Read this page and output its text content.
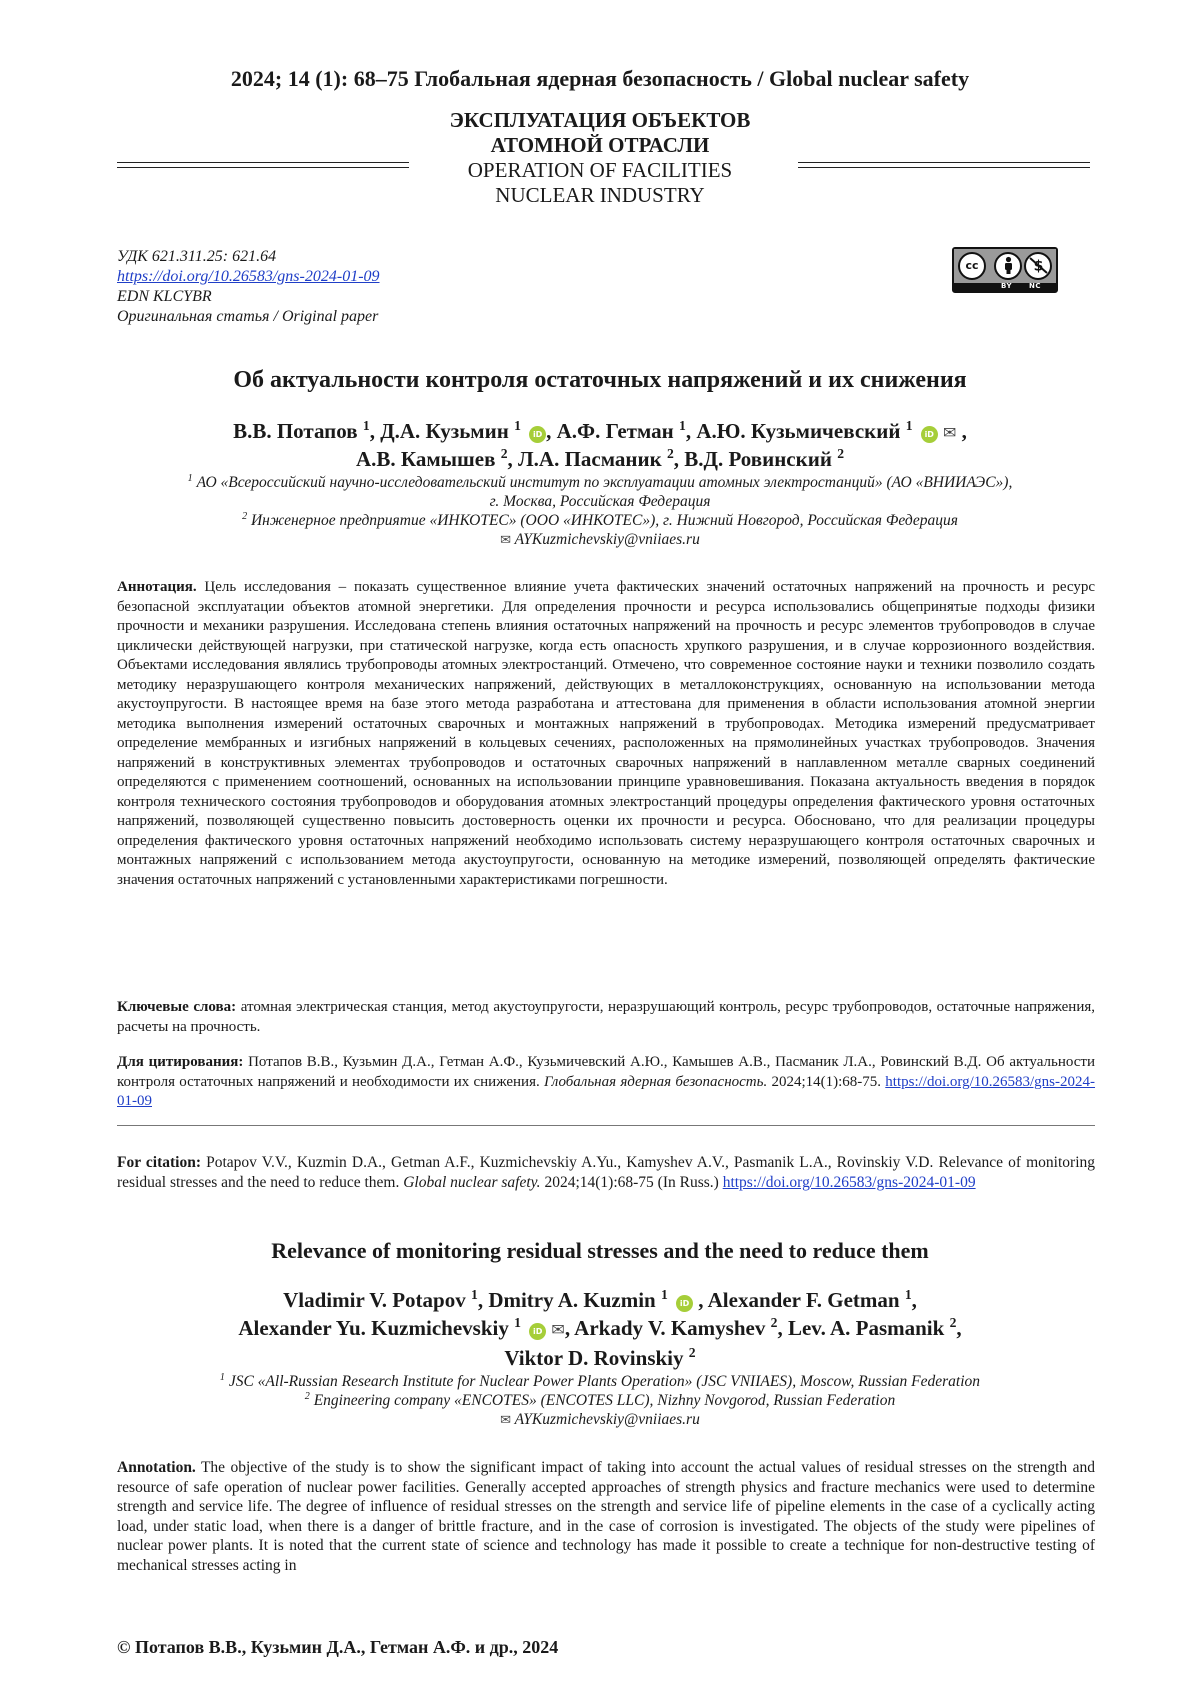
2024; 14 (1): 68–75 Глобальная ядерная безопасность / Global nuclear safety
ЭКСПЛУАТАЦИЯ ОБЪЕКТОВ
АТОМНОЙ ОТРАСЛИ
OPERATION OF FACILITIES
NUCLEAR INDUSTRY
УДК 621.311.25: 621.64
https://doi.org/10.26583/gns-2024-01-09
EDN KLCYBR
Оригинальная статья / Original paper
cc
BY NC
Об актуальности контроля остаточных напряжений и их снижения
В.В. Потапов 1, Д.А. Кузьмин 1 iD , А.Ф. Гетман 1, А.Ю. Кузьмичевский 1 iD ✉ ,
А.В. Камышев 2, Л.А. Пасманик 2, В.Д. Ровинский 2
1 АО «Всероссийский научно-исследовательский институт по эксплуатации атомных электростанций» (АО «ВНИИАЭС»),
г. Москва, Российская Федерация
2 Инженерное предприятие «ИНКОТЕС» (ООО «ИНКОТЕС»), г. Нижний Новгород, Российская Федерация
✉ AYKuzmichevskiy@vniiaes.ru
Аннотация. Цель исследования – показать существенное влияние учета фактических значений остаточных напряжений на прочность и ресурс безопасной эксплуатации объектов атомной энергетики. Для определения прочности и ресурса использовались общепринятые подходы физики прочности и механики разрушения. Исследована степень влияния остаточных напряжений на прочность и ресурс элементов трубопроводов в случае циклически действующей нагрузки, при статической нагрузке, когда есть опасность хрупкого разрушения, и в случае коррозионного воздействия. Объектами исследования являлись трубопроводы атомных электростанций. Отмечено, что современное состояние науки и техники позволило создать методику неразрушающего контроля механических напряжений, действующих в металлоконструкциях, основанную на использовании метода акустоупругости. В настоящее время на базе этого метода разработана и аттестована для применения в области использования атомной энергии методика выполнения измерений остаточных сварочных и монтажных напряжений в трубопроводах. Методика измерений предусматривает определение мембранных и изгибных напряжений в кольцевых сечениях, расположенных на прямолинейных участках трубопроводов. Значения напряжений в конструктивных элементах трубопроводов и остаточных сварочных напряжений в наплавленном металле сварных соединений определяются с применением соотношений, основанных на использовании принципе уравновешивания. Показана актуальность введения в порядок контроля технического состояния трубопроводов и оборудования атомных электростанций процедуры определения фактического уровня остаточных напряжений, позволяющей существенно повысить достоверность оценки их прочности и ресурса. Обосновано, что для реализации процедуры определения фактического уровня остаточных напряжений необходимо использовать систему неразрушающего контроля остаточных сварочных и монтажных напряжений с использованием метода акустоупругости, основанную на методике измерений, позволяющей определять фактические значения остаточных напряжений с установленными характеристиками погрешности.
Ключевые слова: атомная электрическая станция, метод акустоупругости, неразрушающий контроль, ресурс трубопроводов, остаточные напряжения, расчеты на прочность.
Для цитирования: Потапов В.В., Кузьмин Д.А., Гетман А.Ф., Кузьмичевский А.Ю., Камышев А.В., Пасманик Л.А., Ровинский В.Д. Об актуальности контроля остаточных напряжений и необходимости их снижения. Глобальная ядерная безопасность. 2024;14(1):68-75. https://doi.org/10.26583/gns-2024-01-09
For citation: Potapov V.V., Kuzmin D.A., Getman A.F., Kuzmichevskiy A.Yu., Kamyshev A.V., Pasmanik L.A., Rovinskiy V.D. Relevance of monitoring residual stresses and the need to reduce them. Global nuclear safety. 2024;14(1):68-75 (In Russ.) https://doi.org/10.26583/gns-2024-01-09
Relevance of monitoring residual stresses and the need to reduce them
Vladimir V. Potapov 1, Dmitry A. Kuzmin 1 iD , Alexander F. Getman 1,
Alexander Yu. Kuzmichevskiy 1 iD ✉, Arkady V. Kamyshev 2, Lev. A. Pasmanik 2,
Viktor D. Rovinskiy 2
1 JSC «All-Russian Research Institute for Nuclear Power Plants Operation» (JSC VNIIAES), Moscow, Russian Federation
2 Engineering company «ENCOTES» (ENCOTES LLC), Nizhny Novgorod, Russian Federation
✉ AYKuzmichevskiy@vniiaes.ru
Annotation. The objective of the study is to show the significant impact of taking into account the actual values of residual stresses on the strength and resource of safe operation of nuclear power facilities. Generally accepted approaches of strength physics and fracture mechanics were used to determine strength and service life. The degree of influence of residual stresses on the strength and service life of pipeline elements in the case of a cyclically acting load, under static load, when there is a danger of brittle fracture, and in the case of corrosion is investigated. The objects of the study were pipelines of nuclear power plants. It is noted that the current state of science and technology has made it possible to create a technique for non-destructive testing of mechanical stresses acting in
© Потапов В.В., Кузьмин Д.А., Гетман А.Ф. и др., 2024
